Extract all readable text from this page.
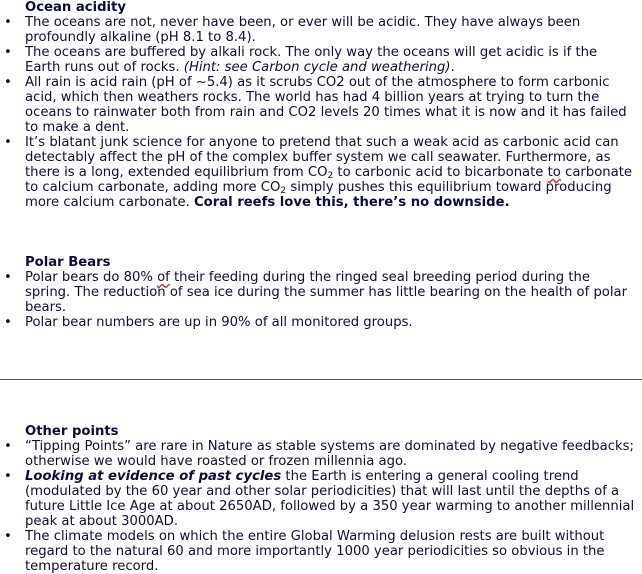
Ocean acidity
• The oceans are not, never have been, or ever will be acidic. They have always been profoundly alkaline (pH 8.1 to 8.4).
• The oceans are buffered by alkali rock. The only way the oceans will get acidic is if the Earth runs out of rocks. (Hint: see Carbon cycle and weathering).
• All rain is acid rain (pH of ~5.4) as it scrubs CO2 out of the atmosphere to form carbonic acid, which then weathers rocks. The world has had 4 billion years at trying to turn the oceans to rainwater both from rain and CO2 levels 20 times what it is now and it has failed to make a dent.
• It’s blatant junk science for anyone to pretend that such a weak acid as carbonic acid can detectably affect the pH of the complex buffer system we call seawater. Furthermore, as there is a long, extended equilibrium from $CO_2$ to carbonic acid to bicarbonate to carbonate to calcium carbonate, adding more $CO_2$ simply pushes this equilibrium toward producing more calcium carbonate. Coral reefs love this, there’s no downside.
Polar Bears
• Polar bears do 80% of their feeding during the ringed seal breeding period during the spring. The reduction of sea ice during the summer has little bearing on the health of polar bears.
• Polar bear numbers are up in 90% of all monitored groups.
Other points
• “Tipping Points” are rare in Nature as stable systems are dominated by negative feedbacks; otherwise we would have roasted or frozen millennia ago.
• Looking at evidence of past cycles the Earth is entering a general cooling trend (modulated by the 60 year and other solar periodicities) that will last until the depths of a future Little Ice Age at about 2650AD, followed by a 350 year warming to another millennial peak at about 3000AD.
• The climate models on which the entire Global Warming delusion rests are built without regard to the natural 60 and more importantly 1000 year periodicities so obvious in the temperature record.
